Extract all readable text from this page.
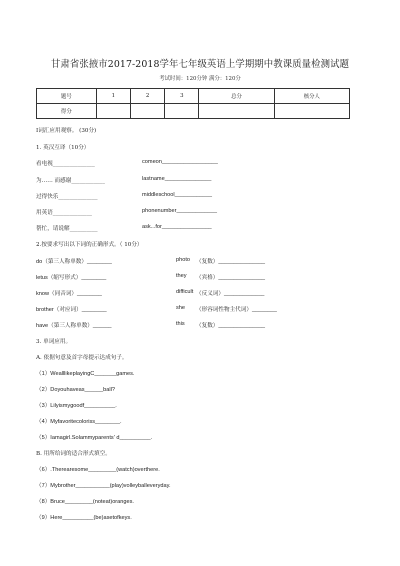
甘肃省张掖市2017-2018学年七年级英语上学期期中教课质量检测试题
考试时间：120分钟 满分：120分
题号	1	2	3	总分	核分人
得分					
Ⅰ词汇应用观察。 (30分)
1. 英汉互译（10分）
看电视_______________	comeon__________________
为…… 而感谢____________	lastname_______________
过得快乐______________	middleschool____________
用英语______________	phonenumber_____________
帮忙，请说解__________	ask...for________________
2.按要求写出以下词的正确形式。（ 10分）
do（第三人称单数）________	photo （复数）_______________
letus（缩写形式）________	they （宾格）_______________
know（同音词）________	difficult （反义词）_____________
brother（对应词）________	she （形容词性物主代词）________
have（第三人称单数）______	this （复数）_______________
3. 单词应用。
A. 依据句意及首字母提示达成句子。
（1）WealllikeplayingC_______games.
（2）Doyouhaveas______ball?
（3）Lilyismygoodf__________.
（4）Myfavoritecoloriss________.
（5）Iamagirl.Solammyparents' d__________.
B. 用所给词的适合形式填空。
（6）.Therearesome_________(watch)overthere.
（7）Mybrother___________(play)volleyballeveryday.
（8）Bruce_________(noteat)oranges.
（9）Here__________(be)asetofkeys.
